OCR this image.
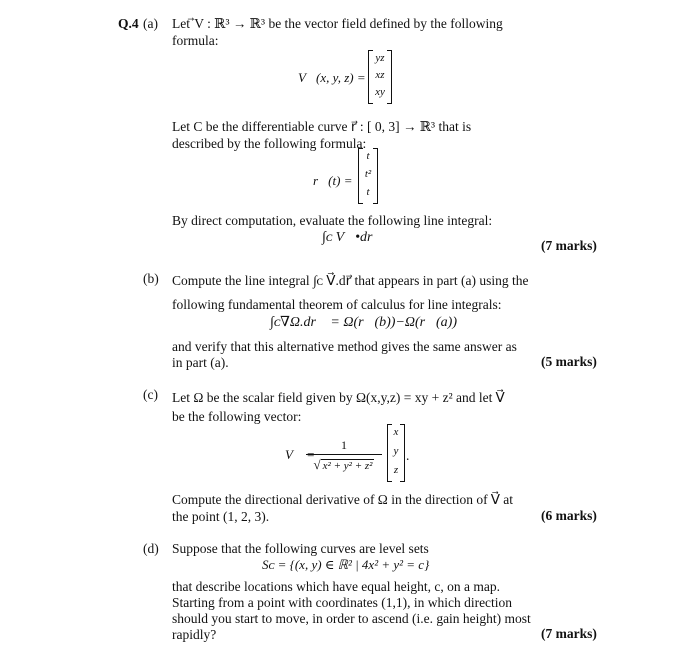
Q.4 (a) Let ⃗V : ℝ³ → ℝ³ be the vector field defined by the following
formula:
V⃗(x, y, z) =
yz
xz
xy
Let C be the differentiable curve r⃗ : [ 0, 3] → ℝ³ that is
described by the following formula:
r⃗(t) =
t
t²
t
By direct computation, evaluate the following line integral:
∫ᴄ V⃗•dr⃗
(7 marks)
(b) Compute the line integral ∫ᴄ V⃗.dr⃗ that appears in part (a) using the
following fundamental theorem of calculus for line integrals:
∫ᴄ∇Ω.dr⃗ = Ω(r⃗(b))−Ω(r⃗(a))
and verify that this alternative method gives the same answer as
in part (a).	(5 marks)
(c) Let Ω be the scalar field given by Ω(x,y,z) = xy + z² and let V⃗
be the following vector:
V⃗ =
$\frac{1}{\text{√ x² + y² + z²}}$
x
y
z
.
Compute the directional derivative of Ω in the direction of V⃗ at
the point (1, 2, 3).	(6 marks)
(d) Suppose that the following curves are level sets
Sᴄ = {(x, y) ∈ ℝ² | 4x² + y² = c}
that describe locations which have equal height, c, on a map.
Starting from a point with coordinates (1,1), in which direction
should you start to move, in order to ascend (i.e. gain height) most
rapidly?	(7 marks)
